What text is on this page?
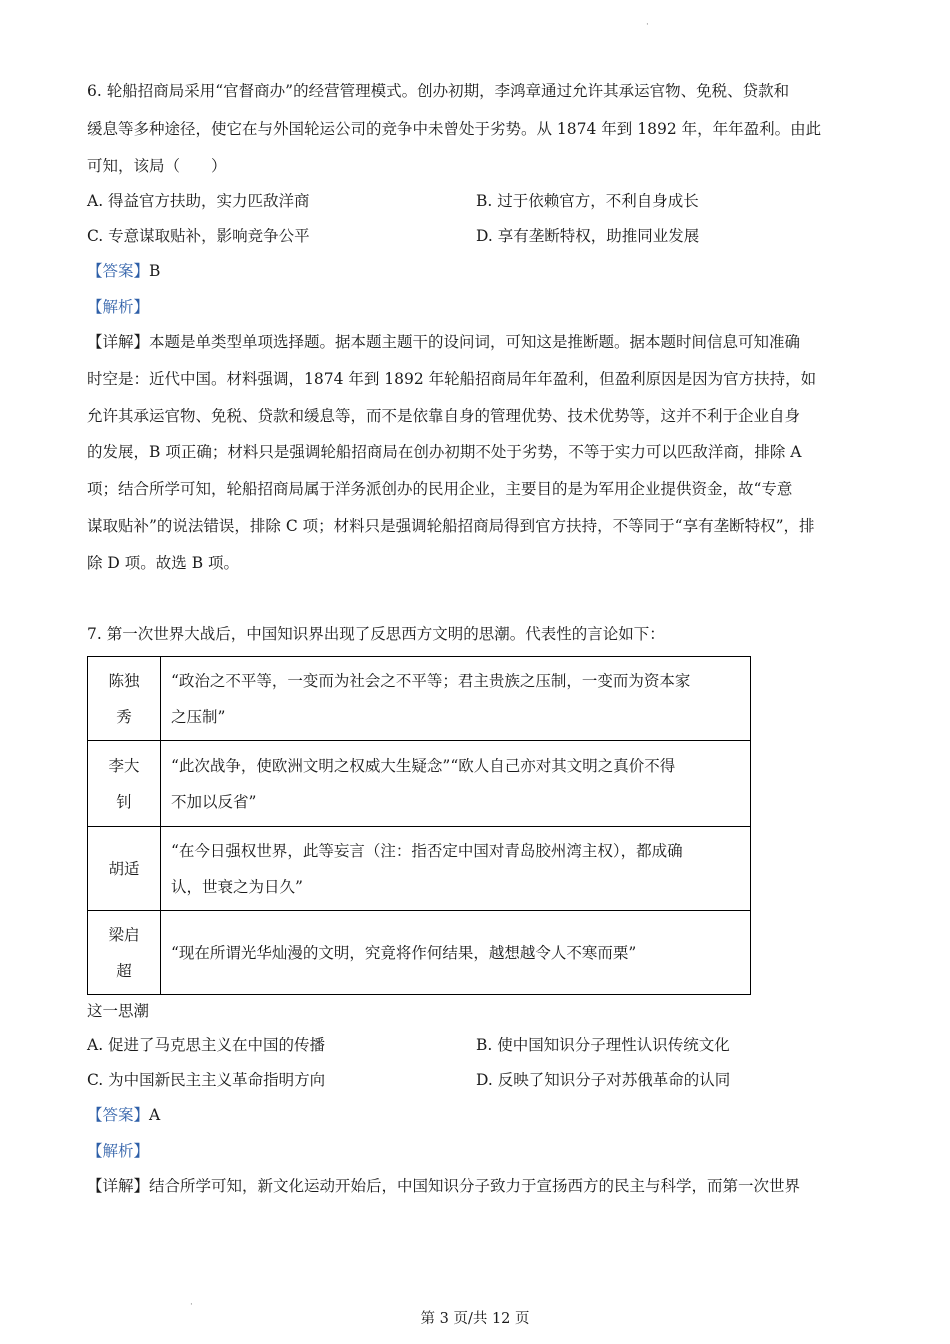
·
·
6. 轮船招商局采用“官督商办”的经营管理模式。创办初期，李鸿章通过允许其承运官物、免税、贷款和
缓息等多种途径，使它在与外国轮运公司的竞争中未曾处于劣势。从 1874 年到 1892 年，年年盈利。由此
可知，该局（　　）
A. 得益官方扶助，实力匹敌洋商	B. 过于依赖官方，不利自身成长
C. 专意谋取贴补，影响竞争公平	D. 享有垄断特权，助推同业发展
【答案】B
【解析】
【详解】本题是单类型单项选择题。据本题主题干的设问词，可知这是推断题。据本题时间信息可知准确
时空是：近代中国。材料强调，1874 年到 1892 年轮船招商局年年盈利，但盈利原因是因为官方扶持，如
允许其承运官物、免税、贷款和缓息等，而不是依靠自身的管理优势、技术优势等，这并不利于企业自身
的发展，B 项正确；材料只是强调轮船招商局在创办初期不处于劣势，不等于实力可以匹敌洋商，排除 A
项；结合所学可知，轮船招商局属于洋务派创办的民用企业，主要目的是为军用企业提供资金，故“专意
谋取贴补”的说法错误，排除 C 项；材料只是强调轮船招商局得到官方扶持，不等同于“享有垄断特权”，排
除 D 项。故选 B 项。
7. 第一次世界大战后，中国知识界出现了反思西方文明的思潮。代表性的言论如下：
陈独
秀	“政治之不平等，一变而为社会之不平等；君主贵族之压制，一变而为资本家
之压制”
李大
钊	“此次战争，使欧洲文明之权威大生疑念”“欧人自己亦对其文明之真价不得
不加以反省”
胡适	“在今日强权世界，此等妄言（注：指否定中国对青岛胶州湾主权），都成确
认，世衰之为日久”
梁启
超	“现在所谓光华灿漫的文明，究竟将作何结果，越想越令人不寒而栗”
这一思潮
A. 促进了马克思主义在中国的传播	B. 使中国知识分子理性认识传统文化
C. 为中国新民主主义革命指明方向	D. 反映了知识分子对苏俄革命的认同
【答案】A
【解析】
【详解】结合所学可知，新文化运动开始后，中国知识分子致力于宣扬西方的民主与科学，而第一次世界
第 3 页/共 12 页
